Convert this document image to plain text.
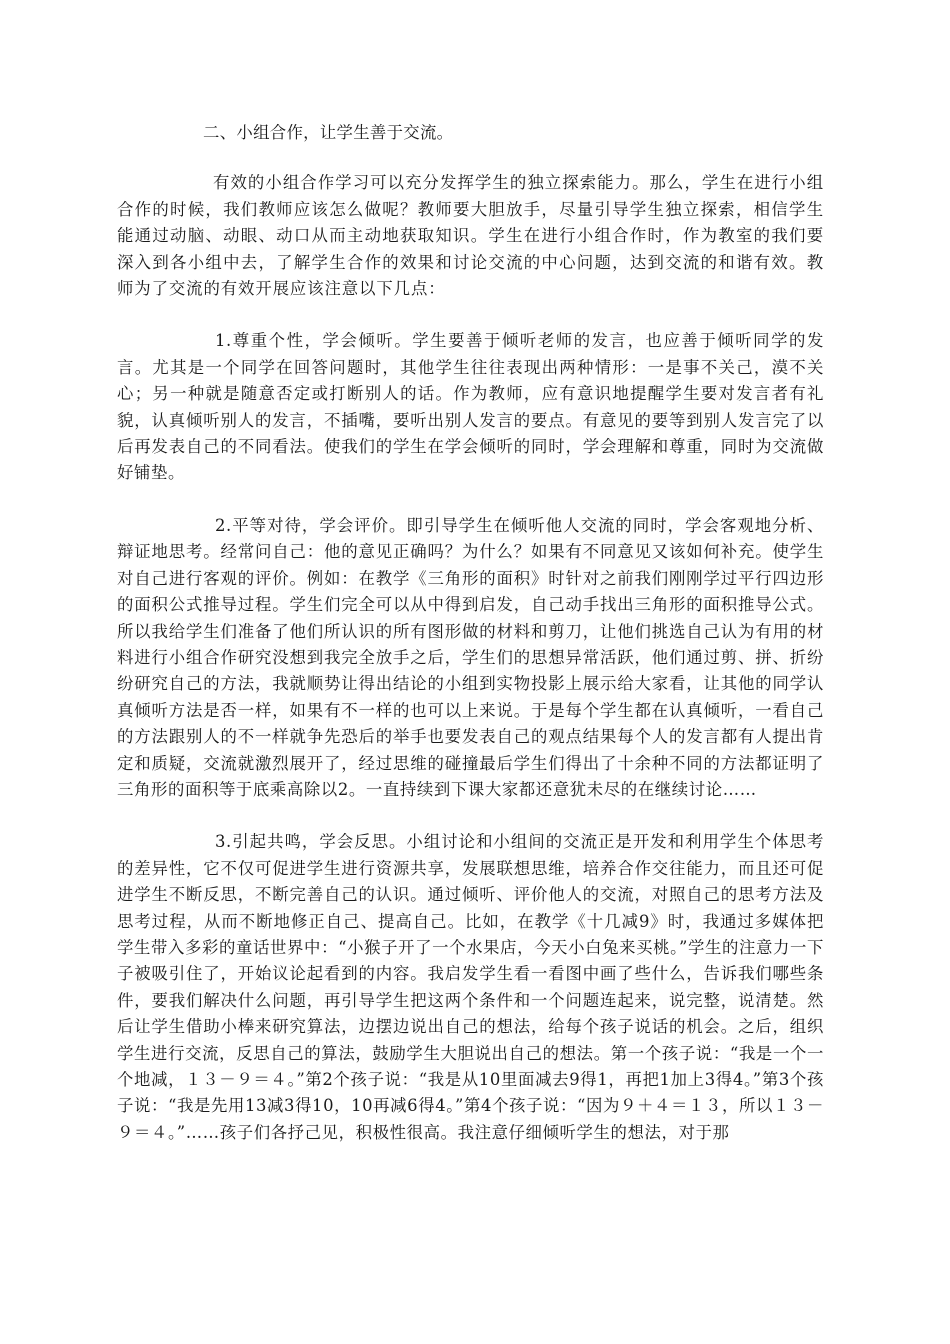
二、小组合作，让学生善于交流。

有效的小组合作学习可以充分发挥学生的独立探索能力。那么，学生在进行小组合作的时候，我们教师应该怎么做呢？教师要大胆放手，尽量引导学生独立探索，相信学生能通过动脑、动眼、动口从而主动地获取知识。学生在进行小组合作时，作为教室的我们要深入到各小组中去，了解学生合作的效果和讨论交流的中心问题，达到交流的和谐有效。教师为了交流的有效开展应该注意以下几点：

1.尊重个性，学会倾听。学生要善于倾听老师的发言，也应善于倾听同学的发言。尤其是一个同学在回答问题时，其他学生往往表现出两种情形：一是事不关己，漠不关心；另一种就是随意否定或打断别人的话。作为教师，应有意识地提醒学生要对发言者有礼貌，认真倾听别人的发言，不插嘴，要听出别人发言的要点。有意见的要等到别人发言完了以后再发表自己的不同看法。使我们的学生在学会倾听的同时，学会理解和尊重，同时为交流做好铺垫。

2.平等对待，学会评价。即引导学生在倾听他人交流的同时，学会客观地分析、辩证地思考。经常问自己：他的意见正确吗？为什么？如果有不同意见又该如何补充。使学生对自己进行客观的评价。例如：在教学《三角形的面积》时针对之前我们刚刚学过平行四边形的面积公式推导过程。学生们完全可以从中得到启发，自己动手找出三角形的面积推导公式。所以我给学生们准备了他们所认识的所有图形做的材料和剪刀，让他们挑选自己认为有用的材料进行小组合作研究没想到我完全放手之后，学生们的思想异常活跃，他们通过剪、拼、折纷纷研究自己的方法，我就顺势让得出结论的小组到实物投影上展示给大家看，让其他的同学认真倾听方法是否一样，如果有不一样的也可以上来说。于是每个学生都在认真倾听，一看自己的方法跟别人的不一样就争先恐后的举手也要发表自己的观点结果每个人的发言都有人提出肯定和质疑，交流就激烈展开了，经过思维的碰撞最后学生们得出了十余种不同的方法都证明了三角形的面积等于底乘高除以2。一直持续到下课大家都还意犹未尽的在继续讨论……

3.引起共鸣，学会反思。小组讨论和小组间的交流正是开发和利用学生个体思考的差异性，它不仅可促进学生进行资源共享，发展联想思维，培养合作交往能力，而且还可促进学生不断反思，不断完善自己的认识。通过倾听、评价他人的交流，对照自己的思考方法及思考过程，从而不断地修正自己、提高自己。比如，在教学《十几减9》时，我通过多媒体把学生带入多彩的童话世界中：“小猴子开了一个水果店，今天小白兔来买桃。”学生的注意力一下子被吸引住了，开始议论起看到的内容。我启发学生看一看图中画了些什么，告诉我们哪些条件，要我们解决什么问题，再引导学生把这两个条件和一个问题连起来，说完整，说清楚。然后让学生借助小棒来研究算法，边摆边说出自己的想法，给每个孩子说话的机会。之后，组织学生进行交流，反思自己的算法，鼓励学生大胆说出自己的想法。第一个孩子说：“我是一个一个地减，１３－９＝４。”第2个孩子说：“我是从10里面减去9得1，再把1加上3得4。”第3个孩子说：“我是先用13减3得10，10再减6得4。”第4个孩子说：“因为９＋４＝１３，所以１３－９＝４。”……孩子们各抒己见，积极性很高。我注意仔细倾听学生的想法，对于那
